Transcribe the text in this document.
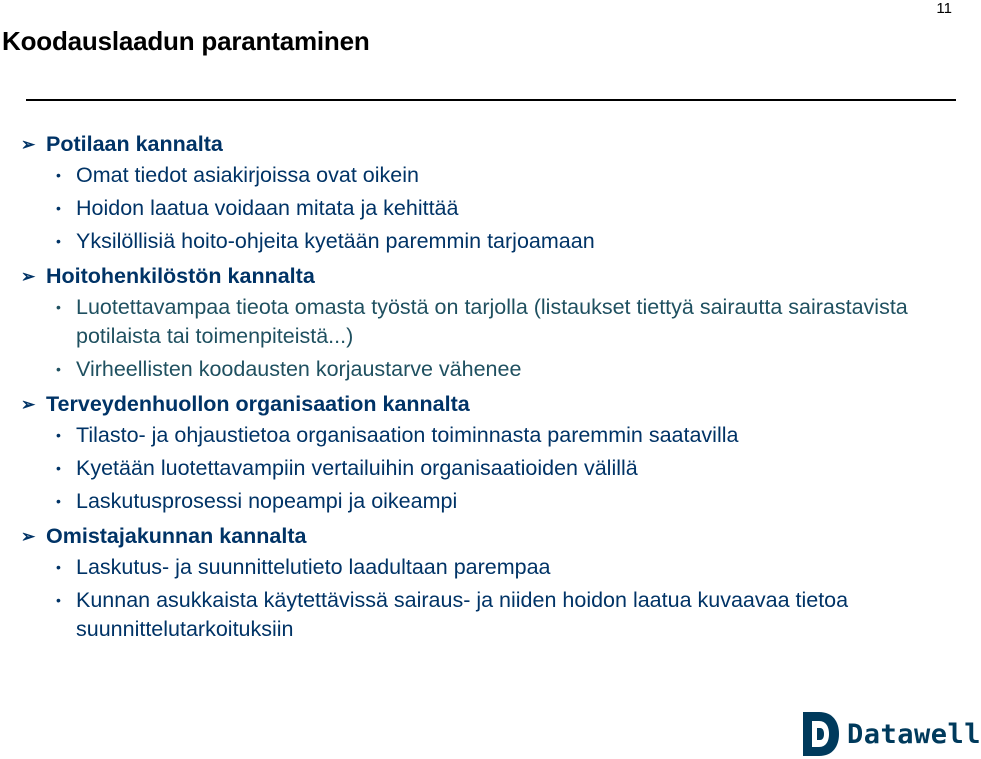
11
Koodauslaadun parantaminen
➢ Potilaan kannalta
• Omat tiedot asiakirjoissa ovat oikein
• Hoidon laatua voidaan mitata ja kehittää
• Yksilöllisiä hoito-ohjeita kyetään paremmin tarjoamaan
➢ Hoitohenkilöstön kannalta
• Luotettavampaa tieota omasta työstä on tarjolla (listaukset tiettyä sairautta sairastavista potilaista tai toimenpiteistä...)
• Virheellisten koodausten korjaustarve vähenee
➢ Terveydenhuollon organisaation kannalta
• Tilasto- ja ohjaustietoa organisaation toiminnasta paremmin saatavilla
• Kyetään luotettavampiin vertailuihin organisaatioiden välillä
• Laskutusprosessi nopeampi ja oikeampi
➢ Omistajakunnan kannalta
• Laskutus- ja suunnittelutieto laadultaan parempaa
• Kunnan asukkaista käytettävissä sairaus- ja niiden hoidon laatua kuvaavaa tietoa suunnittelutarkoituksiin
Datawell
